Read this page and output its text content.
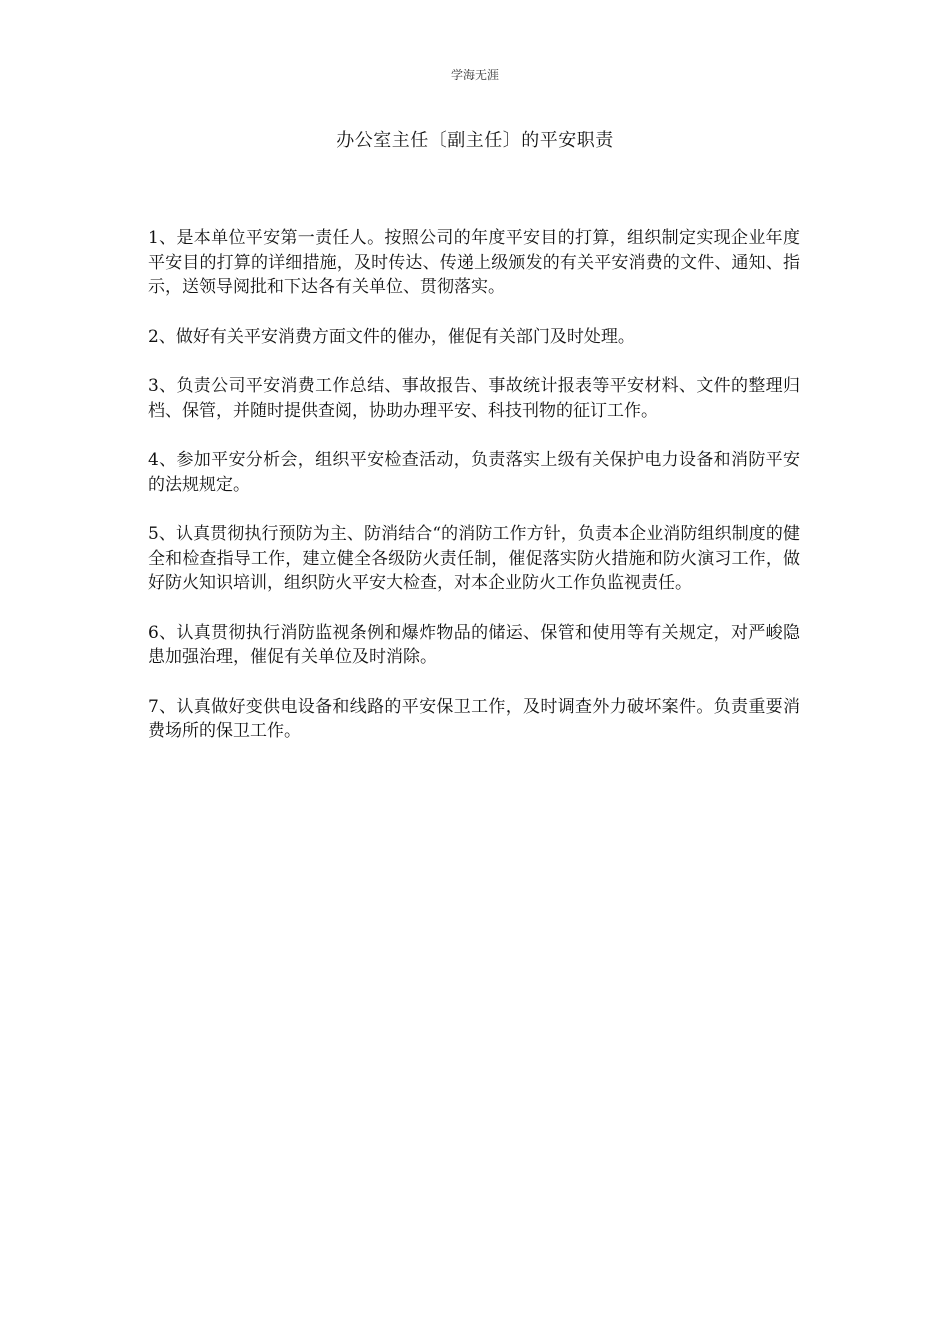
学海无涯
办公室主任〔副主任〕的平安职责

1、是本单位平安第一责任人。按照公司的年度平安目的打算，组织制定实现企业年度平安目的打算的详细措施，及时传达、传递上级颁发的有关平安消费的文件、通知、指示，送领导阅批和下达各有关单位、贯彻落实。

2、做好有关平安消费方面文件的催办，催促有关部门及时处理。

3、负责公司平安消费工作总结、事故报告、事故统计报表等平安材料、文件的整理归档、保管，并随时提供查阅，协助办理平安、科技刊物的征订工作。

4、参加平安分析会，组织平安检查活动，负责落实上级有关保护电力设备和消防平安的法规规定。

5、认真贯彻执行预防为主、防消结合“的消防工作方针，负责本企业消防组织制度的健全和检查指导工作，建立健全各级防火责任制，催促落实防火措施和防火演习工作，做好防火知识培训，组织防火平安大检查，对本企业防火工作负监视责任。

6、认真贯彻执行消防监视条例和爆炸物品的储运、保管和使用等有关规定，对严峻隐患加强治理，催促有关单位及时消除。

7、认真做好变供电设备和线路的平安保卫工作，及时调查外力破坏案件。负责重要消费场所的保卫工作。
